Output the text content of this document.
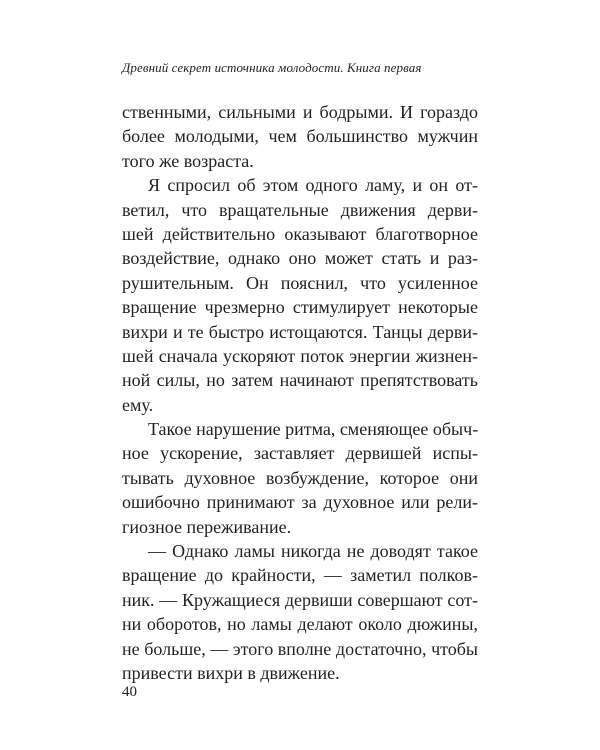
Древний секрет источника молодости. Книга первая
ственными, сильными и бодрыми. И гораздо
более молодыми, чем большинство мужчин
того же возраста.
Я спросил об этом одного ламу, и он от-
ветил, что вращательные движения дерви-
шей действительно оказывают благотворное
воздействие, однако оно может стать и раз-
рушительным. Он пояснил, что усиленное
вращение чрезмерно стимулирует некоторые
вихри и те быстро истощаются. Танцы дерви-
шей сначала ускоряют поток энергии жизнен-
ной силы, но затем начинают препятствовать
ему.
Такое нарушение ритма, сменяющее обыч-
ное ускорение, заставляет дервишей испы-
тывать духовное возбуждение, которое они
ошибочно принимают за духовное или рели-
гиозное переживание.
— Однако ламы никогда не доводят такое
вращение до крайности, — заметил полков-
ник. — Кружащиеся дервиши совершают сот-
ни оборотов, но ламы делают около дюжины,
не больше, — этого вполне достаточно, чтобы
привести вихри в движение.
40
